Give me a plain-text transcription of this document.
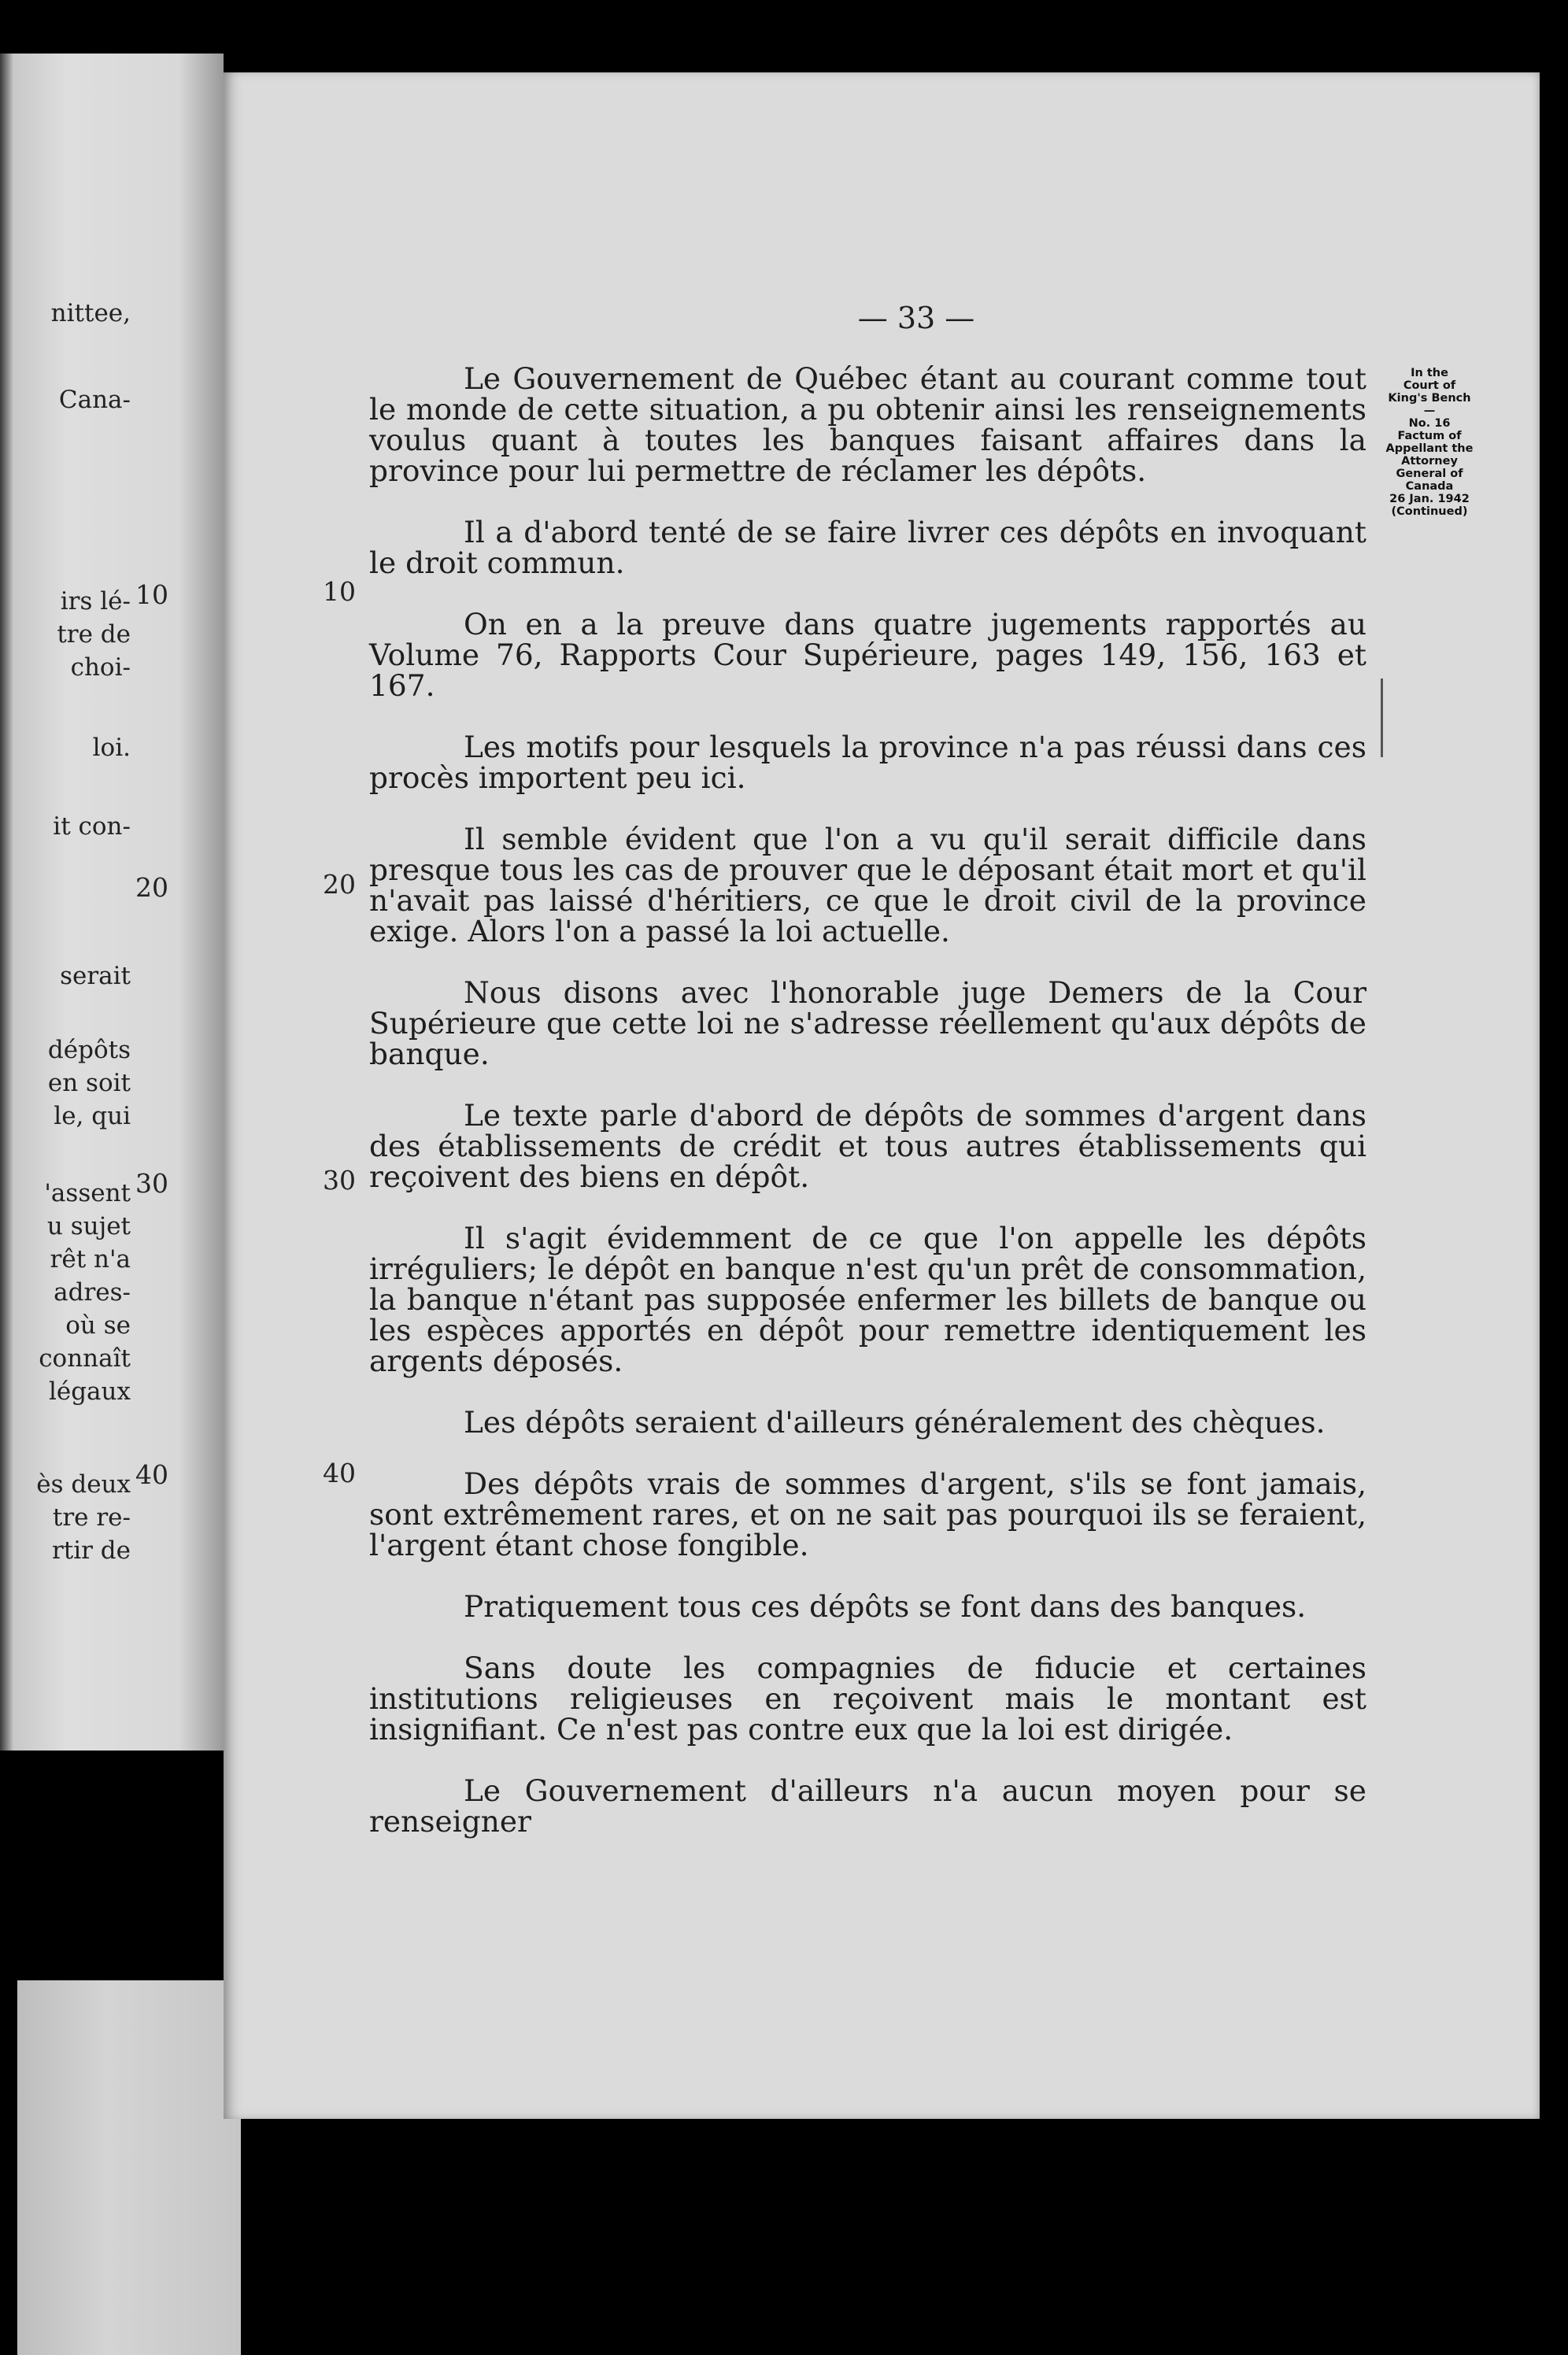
nittee,
Cana-
irs lé-
tre de
choi-
loi.
it con-
serait
dépôts
en soit
le, qui
'assent
u sujet
rêt n'a
adres-
où se
connaît
légaux
ès deux
tre re-
rtir de
10
20
30
40
— 33 —
10
20
30
40

Le Gouvernement de Québec étant au courant comme tout le monde de cette situation, a pu obtenir ainsi les renseignements voulus quant à toutes les banques faisant affaires dans la province pour lui permettre de réclamer les dépôts.

Il a d'abord tenté de se faire livrer ces dépôts en invoquant le droit commun.

On en a la preuve dans quatre jugements rapportés au Volume 76, Rapports Cour Supérieure, pages 149, 156, 163 et 167.

Les motifs pour lesquels la province n'a pas réussi dans ces procès importent peu ici.

Il semble évident que l'on a vu qu'il serait difficile dans presque tous les cas de prouver que le déposant était mort et qu'il n'avait pas laissé d'héritiers, ce que le droit civil de la province exige. Alors l'on a passé la loi actuelle.

Nous disons avec l'honorable juge Demers de la Cour Supérieure que cette loi ne s'adresse réellement qu'aux dépôts de banque.

Le texte parle d'abord de dépôts de sommes d'argent dans des établissements de crédit et tous autres établissements qui reçoivent des biens en dépôt.

Il s'agit évidemment de ce que l'on appelle les dépôts irréguliers; le dépôt en banque n'est qu'un prêt de consommation, la banque n'étant pas supposée enfermer les billets de banque ou les espèces apportés en dépôt pour remettre identiquement les argents déposés.

Les dépôts seraient d'ailleurs généralement des chèques.

Des dépôts vrais de sommes d'argent, s'ils se font jamais, sont extrêmement rares, et on ne sait pas pourquoi ils se feraient, l'argent étant chose fongible.

Pratiquement tous ces dépôts se font dans des banques.

Sans doute les compagnies de fiducie et certaines institutions religieuses en reçoivent mais le montant est insignifiant. Ce n'est pas contre eux que la loi est dirigée.

Le Gouvernement d'ailleurs n'a aucun moyen pour se renseigner

In the
Court of
King's Bench
—
No. 16
Factum of
Appellant the
Attorney
General of
Canada
26 Jan. 1942
(Continued)
